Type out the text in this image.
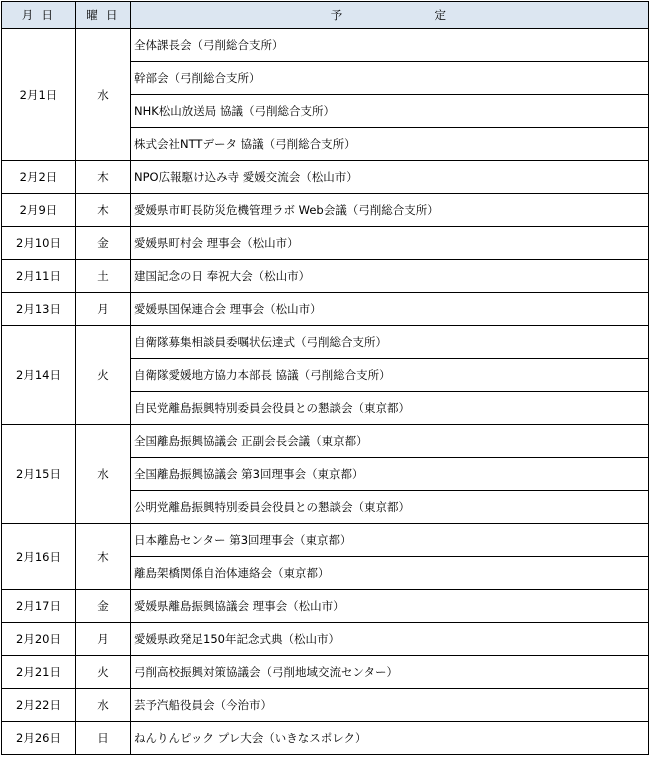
月 日	曜 日	予 定
2月1日	水	全体課長会（弓削総合支所）
		幹部会（弓削総合支所）
		NHK松山放送局 協議（弓削総合支所）
		株式会社NTTデータ 協議（弓削総合支所）
2月2日	木	NPO広報駆け込み寺 愛媛交流会（松山市）
2月9日	木	愛媛県市町長防災危機管理ラボ Web会議（弓削総合支所）
2月10日	金	愛媛県町村会 理事会（松山市）
2月11日	土	建国記念の日 奉祝大会（松山市）
2月13日	月	愛媛県国保連合会 理事会（松山市）
2月14日	火	自衛隊募集相談員委嘱状伝達式（弓削総合支所）
		自衛隊愛媛地方協力本部長 協議（弓削総合支所）
		自民党離島振興特別委員会役員との懇談会（東京都）
2月15日	水	全国離島振興協議会 正副会長会議（東京都）
		全国離島振興協議会 第3回理事会（東京都）
		公明党離島振興特別委員会役員との懇談会（東京都）
2月16日	木	日本離島センター 第3回理事会（東京都）
		離島架橋関係自治体連絡会（東京都）
2月17日	金	愛媛県離島振興協議会 理事会（松山市）
2月20日	月	愛媛県政発足150年記念式典（松山市）
2月21日	火	弓削高校振興対策協議会（弓削地域交流センター）
2月22日	水	芸予汽船役員会（今治市）
2月26日	日	ねんりんピック プレ大会（いきなスポレク）
